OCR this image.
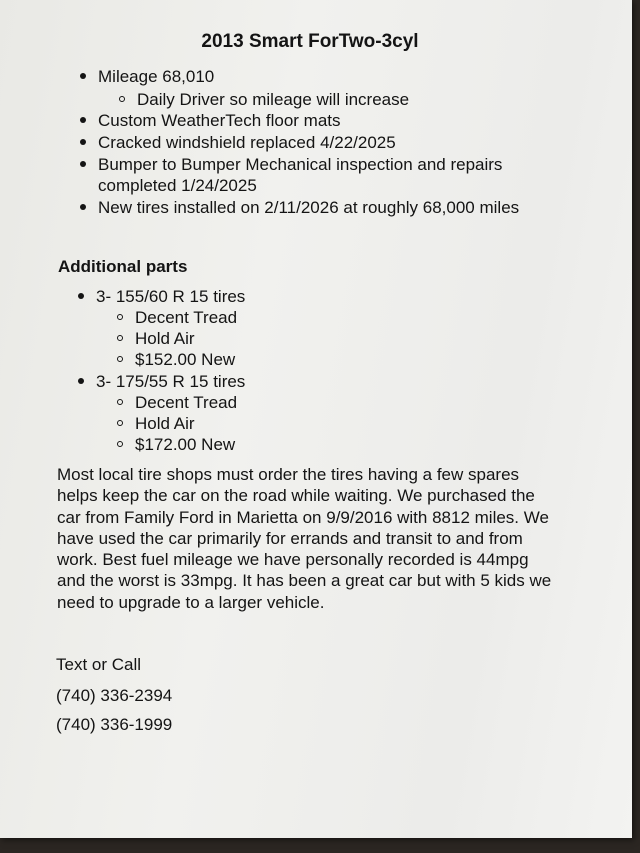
2013 Smart ForTwo-3cyl
Mileage 68,010
Daily Driver so mileage will increase
Custom WeatherTech floor mats
Cracked windshield replaced 4/22/2025
Bumper to Bumper Mechanical inspection and repairs
completed 1/24/2025
New tires installed on 2/11/2026 at roughly 68,000 miles
Additional parts
3- 155/60 R 15 tires
Decent Tread
Hold Air
$152.00 New
3- 175/55 R 15 tires
Decent Tread
Hold Air
$172.00 New
Most local tire shops must order the tires having a few spares
helps keep the car on the road while waiting. We purchased the
car from Family Ford in Marietta on 9/9/2016 with 8812 miles. We
have used the car primarily for errands and transit to and from
work. Best fuel mileage we have personally recorded is 44mpg
and the worst is 33mpg. It has been a great car but with 5 kids we
need to upgrade to a larger vehicle.
Text or Call
(740) 336-2394
(740) 336-1999
